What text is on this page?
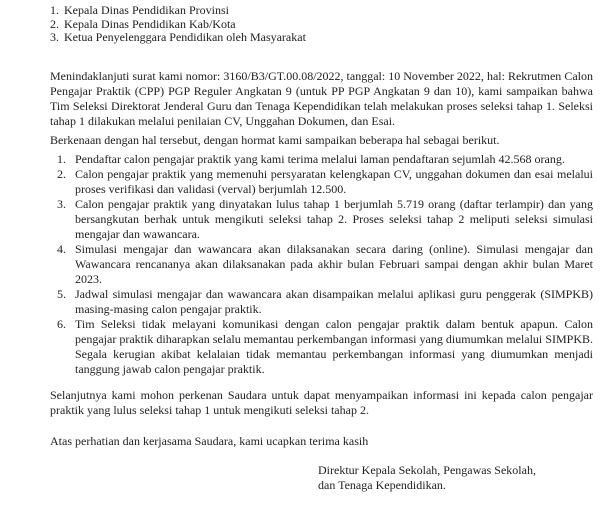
1. Kepala Dinas Pendidikan Provinsi
2. Kepala Dinas Pendidikan Kab/Kota
3. Ketua Penyelenggara Pendidikan oleh Masyarakat

Menindaklanjuti surat kami nomor: 3160/B3/GT.00.08/2022, tanggal: 10 November 2022, hal: Rekrutmen Calon Pengajar Praktik (CPP) PGP Reguler Angkatan 9 (untuk PP PGP Angkatan 9 dan 10), kami sampaikan bahwa Tim Seleksi Direktorat Jenderal Guru dan Tenaga Kependidikan telah melakukan proses seleksi tahap 1. Seleksi tahap 1 dilakukan melalui penilaian CV, Unggahan Dokumen, dan Esai.

Berkenaan dengan hal tersebut, dengan hormat kami sampaikan beberapa hal sebagai berikut.

1. Pendaftar calon pengajar praktik yang kami terima melalui laman pendaftaran sejumlah 42.568 orang.
2. Calon pengajar praktik yang memenuhi persyaratan kelengkapan CV, unggahan dokumen dan esai melalui proses verifikasi dan validasi (verval) berjumlah 12.500.
3. Calon pengajar praktik yang dinyatakan lulus tahap 1 berjumlah 5.719 orang (daftar terlampir) dan yang bersangkutan berhak untuk mengikuti seleksi tahap 2. Proses seleksi tahap 2 meliputi seleksi simulasi mengajar dan wawancara.
4. Simulasi mengajar dan wawancara akan dilaksanakan secara daring (online). Simulasi mengajar dan Wawancara rencananya akan dilaksanakan pada akhir bulan Februari sampai dengan akhir bulan Maret 2023.
5. Jadwal simulasi mengajar dan wawancara akan disampaikan melalui aplikasi guru penggerak (SIMPKB) masing-masing calon pengajar praktik.
6. Tim Seleksi tidak melayani komunikasi dengan calon pengajar praktik dalam bentuk apapun. Calon pengajar praktik diharapkan selalu memantau perkembangan informasi yang diumumkan melalui SIMPKB. Segala kerugian akibat kelalaian tidak memantau perkembangan informasi yang diumumkan menjadi tanggung jawab calon pengajar praktik.

Selanjutnya kami mohon perkenan Saudara untuk dapat menyampaikan informasi ini kepada calon pengajar praktik yang lulus seleksi tahap 1 untuk mengikuti seleksi tahap 2.

Atas perhatian dan kerjasama Saudara, kami ucapkan terima kasih

Direktur Kepala Sekolah, Pengawas Sekolah,
dan Tenaga Kependidikan.
